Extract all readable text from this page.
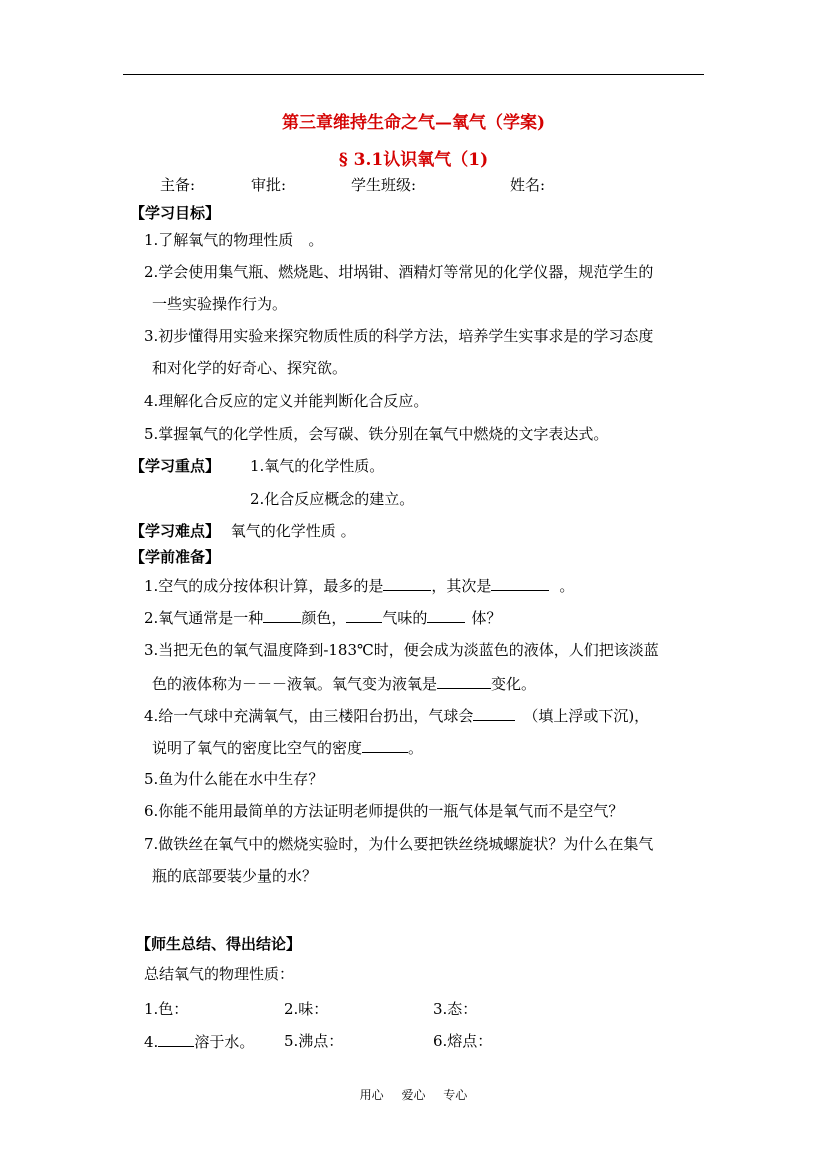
第三章维持生命之气—氧气（学案)
§ 3.1认识氧气（1)
主备:	审批:	学生班级:	姓名:
【学习目标】
1.了解氧气的物理性质　。
2.学会使用集气瓶、燃烧匙、坩埚钳、酒精灯等常见的化学仪器，规范学生的
一些实验操作行为。
3.初步懂得用实验来探究物质性质的科学方法，培养学生实事求是的学习态度
和对化学的好奇心、探究欲。
4.理解化合反应的定义并能判断化合反应。
5.掌握氧气的化学性质，会写碳、铁分别在氧气中燃烧的文字表达式。
【学习重点】 1.氧气的化学性质。
2.化合反应概念的建立。
【学习难点】 氧气的化学性质 。
【学前准备】
1.空气的成分按体积计算，最多的是	，其次是	。
2.氧气通常是一种	颜色， 气味的	体？
3.当把无色的氧气温度降到-183℃时，便会成为淡蓝色的液体，人们把该淡蓝
色的液体称为－－－液氧。氧气变为液氧是	变化。
4.给一气球中充满氧气，由三楼阳台扔出，气球会	（填上浮或下沉)，
说明了氧气的密度比空气的密度	。
5.鱼为什么能在水中生存？
6.你能不能用最简单的方法证明老师提供的一瓶气体是氧气而不是空气？
7.做铁丝在氧气中的燃烧实验时，为什么要把铁丝绕城螺旋状？为什么在集气
瓶的底部要装少量的水？
【师生总结、得出结论】
总结氧气的物理性质：
1.色：	2.味：	3.态：
4. 溶于水。 5.沸点：	6.熔点：
用心 爱心 专心
